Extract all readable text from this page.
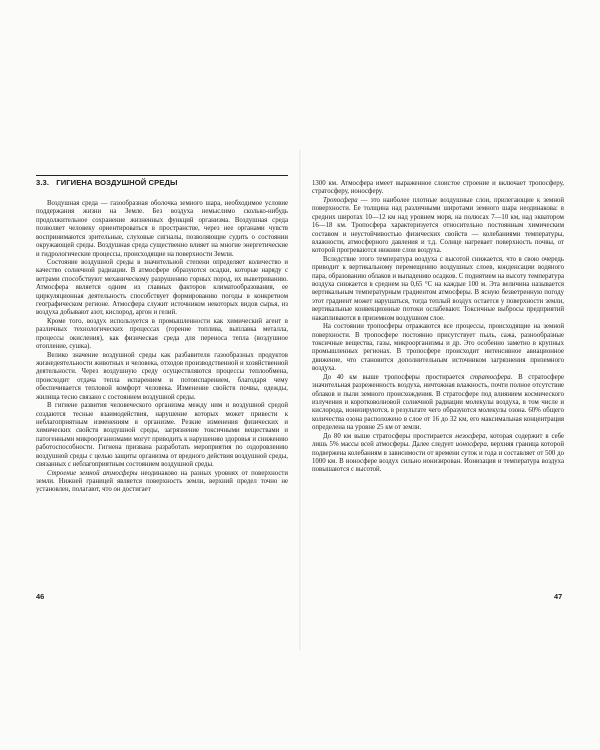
3.3. ГИГИЕНА ВОЗДУШНОЙ СРЕДЫ

Воздушная среда — газообразная оболочка земного шара, необходимое условие поддержания жизни на Земле. Без воздуха немыслимо сколько-нибудь продолжительное сохранение жизненных функций организма. Воздушная среда позволяет человеку ориентироваться в пространстве, через нее органами чувств воспринимаются зрительные, слуховые сигналы, позволяющие судить о состоянии окружающей среды. Воздушная среда существенно влияет на многие энергетические и гидрологические процессы, происходящие на поверхности Земли.

Состояние воздушной среды в значительной степени определяет количество и качество солнечной радиации. В атмосфере образуются осадки, которые наряду с ветрами способствуют механическому разрушению горных пород, их выветриванию. Атмосфера является одним из главных факторов климатообразования, ее циркуляционная деятельность способствует формированию погоды в конкретном географическом регионе. Атмосфера служит источником некоторых видов сырья, из воздуха добывают азот, кислород, аргон и гелий.

Кроме того, воздух используется в промышленности как химический агент в различных технологических процессах (горение топлива, выплавка металла, процессы окисления), как физическая среда для переноса тепла (воздушное отопление, сушка).

Велико значение воздушной среды как разбавителя газообразных продуктов жизнедеятельности животных и человека, отходов производственной и хозяйственной деятельности. Через воздушную среду осуществляются процессы теплообмена, происходит отдача тепла испарением и потоиспарением, благодаря чему обеспечивается тепловой комфорт человека. Изменение свойств почвы, одежды, жилища тесно связано с состоянием воздушной среды.

В гигиене развития человеческого организма между ним и воздушной средой создаются тесные взаимодействия, нарушение которых может привести к неблагоприятным изменениям в организме. Резкие изменения физических и химических свойств воздушной среды, загрязнение токсичными веществами и патогенными микроорганизмами могут приводить к нарушению здоровья и снижению работоспособности. Гигиена призвана разработать мероприятия по оздоровлению воздушной среды с целью защиты организма от вредного действия воздушной среды, связанных с неблагоприятным состоянием воздушной среды.

Строение земной атмосферы неодинаково на разных уровнях от поверхности земли. Нижней границей является поверхность земли, верхний предел точно не установлен, полагают, что он достигает

1300 км. Атмосфера имеет выраженное слоистое строение и включает тропосферу, стратосферу, ионосферу.

Тропосфера — это наиболее плотные воздушные слои, прилегающие к земной поверхности. Ее толщина над различными широтами земного шара неодинакова: в средних широтах 10—12 км над уровнем моря, на полюсах 7—10 км, над экватором 16—18 км. Тропосфера характеризуется относительно постоянным химическим составом и неустойчивостью физических свойств — колебаниями температуры, влажности, атмосферного давления и т.д. Солнце нагревает поверхность почвы, от которой прогреваются нижние слои воздуха.

Вследствие этого температура воздуха с высотой снижается, что в свою очередь приводит к вертикальному перемещению воздушных слоев, конденсации водяного пара, образованию облаков и выпадению осадков. С поднятием на высоту температура воздуха снижается в среднем на 0,65 °С на каждые 100 м. Эта величина называется вертикальным температурным градиентом атмосферы. В ясную безветренную погоду этот градиент может нарушаться, тогда теплый воздух остается у поверхности земли, вертикальные конвекционные потоки ослабевают. Токсичные выбросы предприятий накапливаются в приземном воздушном слое.

На состоянии тропосферы отражаются все процессы, происходящие на земной поверхности. В тропосфере постоянно присутствует пыль, сажа, разнообразные токсичные вещества, газы, микроорганизмы и др. Это особенно заметно в крупных промышленных регионах. В тропосфере происходит интенсивное авиационное движение, что становится дополнительным источником загрязнения приземного воздуха.

До 40 км выше тропосферы простирается стратосфера. В стратосфере значительная разреженность воздуха, ничтожная влажность, почти полное отсутствие облаков и пыли земного происхождения. В стратосфере под влиянием космического излучения и коротковолновой солнечной радиации молекулы воздуха, в том числе и кислорода, ионизируются, в результате чего образуются молекулы озона. 60% общего количества озона расположено в слое от 16 до 32 км, его максимальная концентрация определена на уровне 25 км от земли.

До 80 км выше стратосферы простирается мезосфера, которая содержит в себе лишь 5% массы всей атмосферы. Далее следует ионосфера, верхняя граница которой подвержена колебаниям в зависимости от времени суток и года и составляет от 500 до 1000 км. В ионосфере воздух сильно ионизирован. Ионизация и температура воздуха повышаются с высотой.

46	47
